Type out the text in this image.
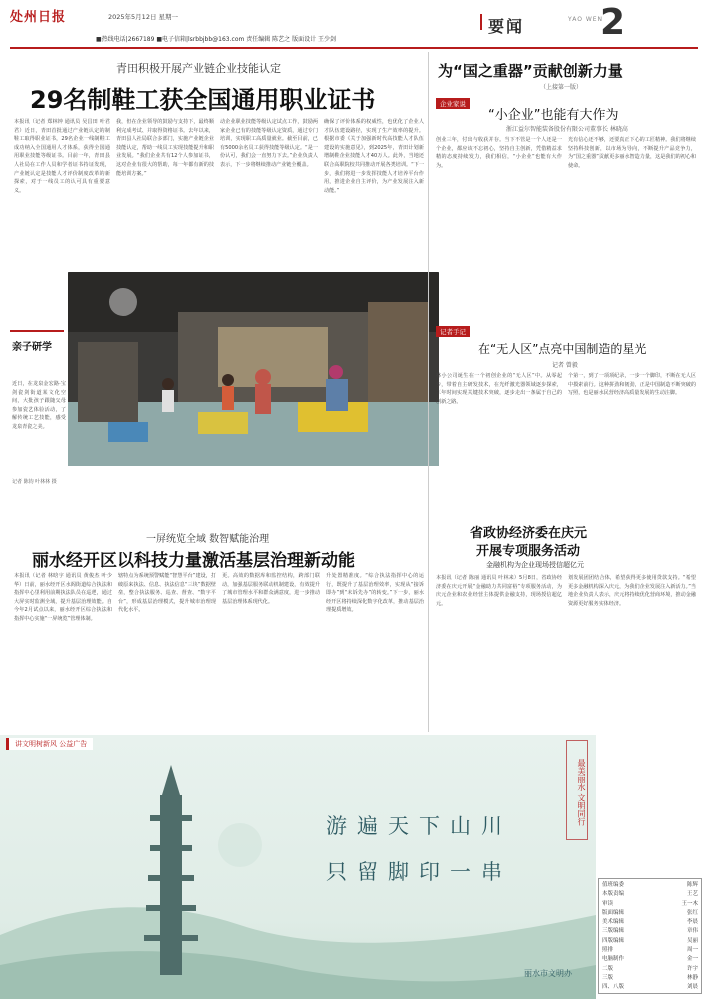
处州日报	2025年5月12日 星期一	要闻	YAO WEN
2
■热线电话|2667189 ■电子信箱|lsrbbjbb@163.com 责任编辑 陈艺之 版面设计 王少剑
青田积极开展产业链企业技能认定
29名制鞋工获全国通用职业证书
本报讯（记者 郑林钟 通讯员 吴昌田 叶君君）近日，青田首批通过产业链认定的制鞋工取得职业证书，29名企业一线制鞋工成功纳入全国通用人才体系，获得全国通用职业技能等级证书。目前一年，青田县人社局在工作人员和学者证书持证发现，产业链认定是技能人才评价制度改革的新探索，对于一线员工的认可具有重要意义。
我，但在企业领导的鼓励与支持下，最终顺利完成考试、并取得资格证书。去年以来，青田县人社局联合多部门，实施产业链企业技能认定，帮助一线员工实现技能提升和职业发展。“我们企业共有12个人参加证书，这对企业有很大的帮助，每一年都有新的技能培训方案。”
动企业职业技能等级认定试点工作，鼓励两家企业已有的技能等级认定资质，通过专门培训，实现职工高质量就业。截至目前，已有5000余名员工获得技能等级认定。“是一份认可，我们会一直努力下去。”企业负责人表示，下一步将继续推动产业链全覆盖。
确保了评价体系的权威性，也优化了企业人才队伍建设路径，实现了生产效率的提升。根据市委《关于加强新时代高技能人才队伍建设的实施意见》，到2025年，青田计划新增制鞋企业技能人才40万人。此外，当地还联合高职院校共同推动开展各类培训。“下一步，我们将进一步发挥技能人才培养平台作用，推进企业自主评价，为产业发展注入新动能。”
亲子研学
近日，在龙泉金宏路·宝剑瓷剑街道某文化空间，大批孩子跟随父母参加瓷艺体验活动，了解传统工艺技能，感受龙泉青瓷之美。
记者 陈钧 叶林林 摄
一屏统览全域 数智赋能治理
丽水经开区以科技力量激活基层治理新动能
本报讯（记者 林晗宇 通讯员 黄俊杰 叶少华）日前，丽水经开区水阁街道综合执法和指挥中心里利用前期执法队员在巡逻，通过大屏实时监测全域，提升基层治理效能。自今年2月试点以来，丽水经开区综合执法和指挥中心实施“一屏统览”管理体制。
辖特点为系统预警赋能“智慧平台”建设，打破原来执法、信息、执法信息“三块”数据壁垒，整合执法服务、巡查、督查、“数字平台”，形成基层治理模式，提升城市治理现代化水平。
更。高效的数据库和监控结构，跨部门联动，加强基层服务联动机制建设，有效提升了城市管理水平和群众满意度，进一步推动基层治理体系现代化。
升处置精准度。“综合执法指挥中心的运行，既提升了基层治理效率，实现从“接诉即办”到“未诉先办”的转变。”下一步，丽水经开区将持续深化数字化改革，推动基层治理提质增效。
为“国之重器”贡献创新力量
（上接第一版）
企业家说
“小企业”也能有大作为
浙江益尔智能装备股份有限公司董事长 林晓高
创业三年，付出与收获并存。当下不管是一个人还是一个企业，都应该不忘初心，坚持自主创新，凭借精益求精的态度持续发力，我们相信，“小企业”也能有大作为。
光有信心还不够，还要真正下心的工匠精神。我们将继续坚持科技创新，以市场为导向，不断提升产品竞争力，为“国之重器”贡献更多丽水智造力量，这是我们的初心和使命。
记者手记
在“无人区”点亮中国制造的星光
记者 曾毅
林小公司诞生在一个初创企业的“无人区”中。从零起步，带着自主研发技术，在光纤激光器领域逐步探索，三年时间实现关键技术突破，逐步走出一条属于自己的创新之路。
个第一，到了一项项纪录，一步一个脚印，不断在无人区中摸索前行。这种拼劲和韧劲，正是中国制造不断突破的写照，也是丽水民营经济高质量发展的生动注脚。
省政协经济委在庆元
开展专项服务活动
金融机构为企业现场授信超亿元
本报讯（记者 陈丽 通讯员 叶林来）5月8日，省政协经济委在庆元开展“金融助力共同富裕”专项服务活动，为庆元企业和农业经营主体提供金融支持，现场授信超亿元。
划发展团团结合体，希望获得更多使用贷款支持。“希望更多金融机构深入庆元，为我们企业发展注入新活力。”当地企业负责人表示，庆元将持续优化营商环境，推动金融资源更好服务实体经济。
讲文明树新风 公益广告
最美丽水 文明同行
游遍天下山川
只留脚印一串
丽水市文明办
值班编委	陈辉
本版责编	王艺
审读	王一木
版面编辑	张红
美术编辑	李晨
三版编辑	章伟
四版编辑	吴丽
照排	周一
电脑制作	金一
二版	许宇
三版	林静
四、八版	刘晨
